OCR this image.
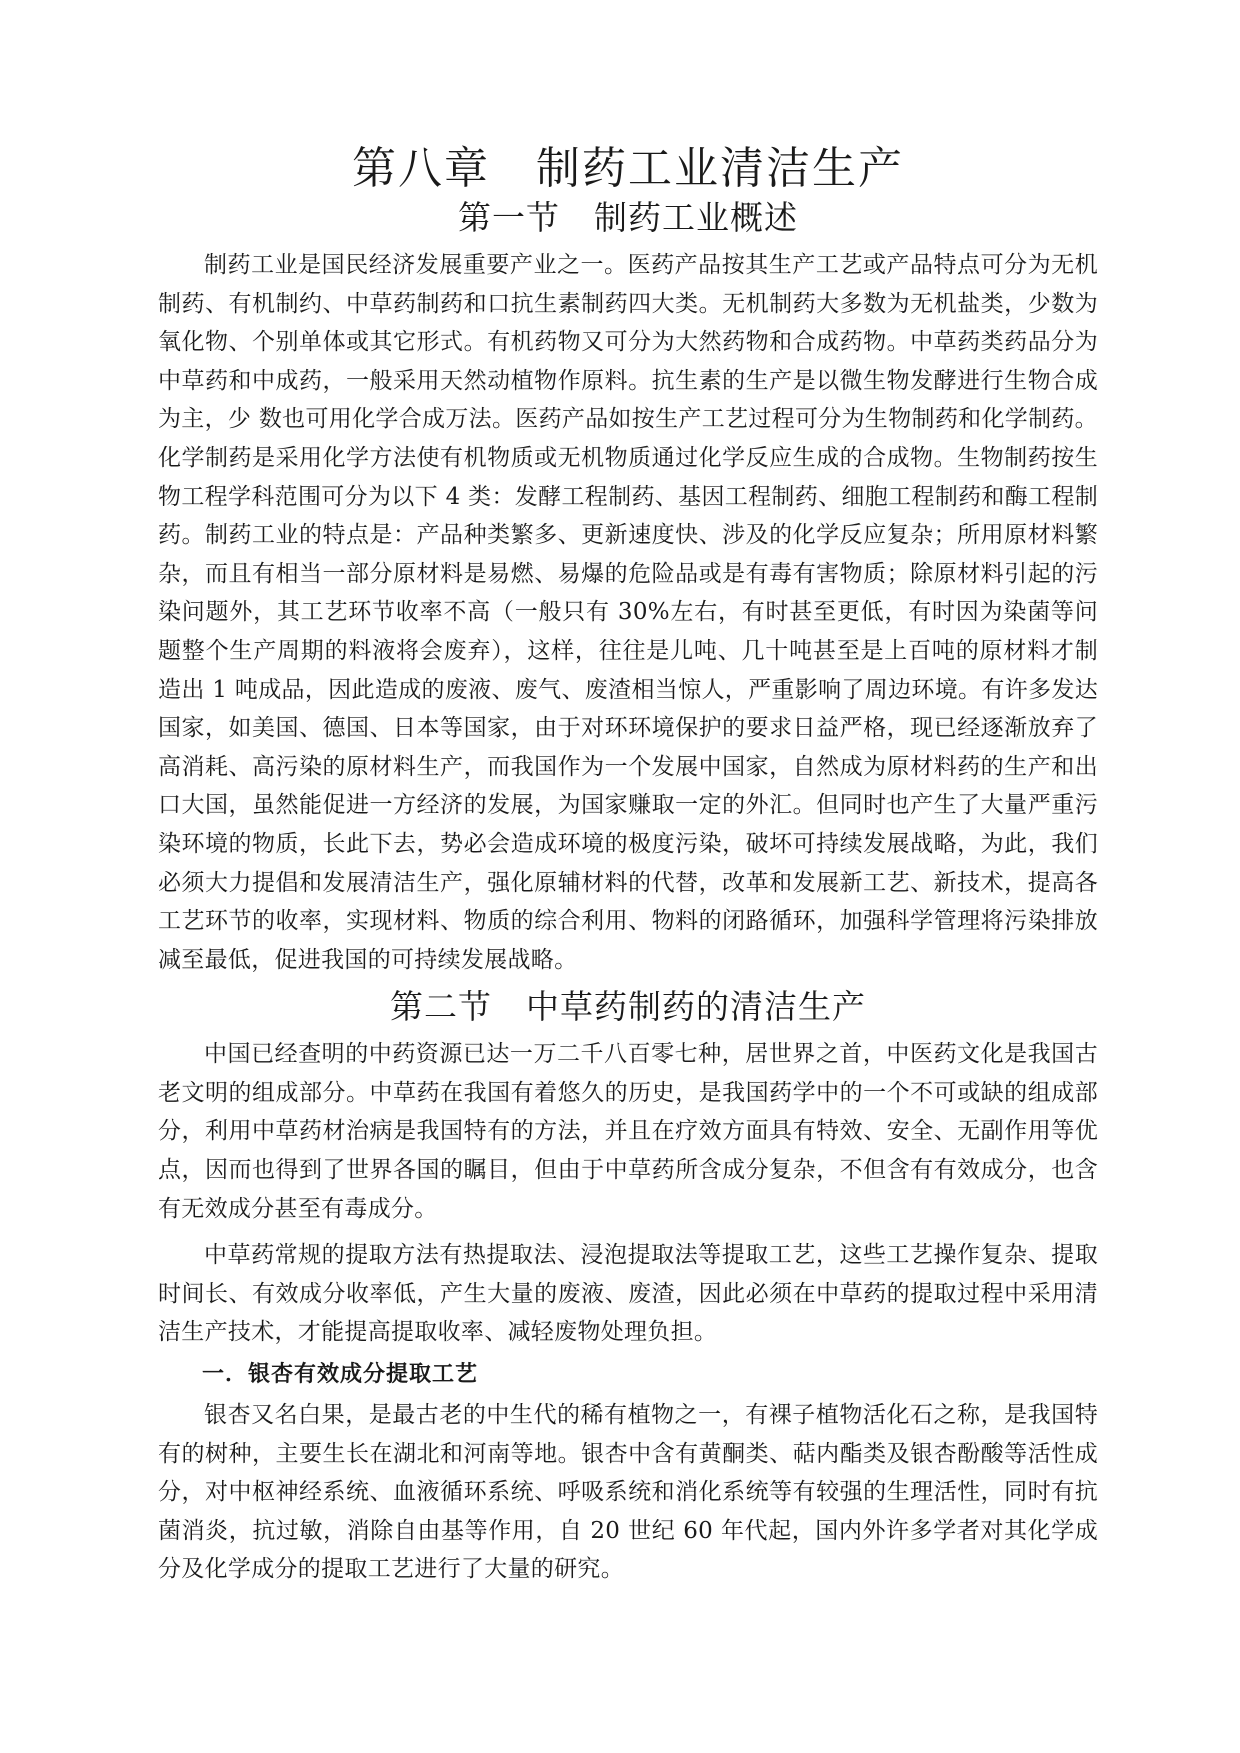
第八章　制药工业清洁生产
第一节　制药工业概述

制药工业是国民经济发展重要产业之一。医药产品按其生产工艺或产品特点可分为无机制药、有机制约、中草药制药和口抗生素制药四大类。无机制药大多数为无机盐类，少数为氧化物、个别单体或其它形式。有机药物又可分为大然药物和合成药物。中草药类药品分为中草药和中成药，一般采用天然动植物作原料。抗生素的生产是以微生物发酵进行生物合成为主，少 数也可用化学合成万法。医药产品如按生产工艺过程可分为生物制药和化学制药。化学制药是采用化学方法使有机物质或无机物质通过化学反应生成的合成物。生物制药按生物工程学科范围可分为以下 4 类：发酵工程制药、基因工程制药、细胞工程制药和酶工程制药。制药工业的特点是：产品种类繁多、更新速度快、涉及的化学反应复杂；所用原材料繁杂，而且有相当一部分原材料是易燃、易爆的危险品或是有毒有害物质；除原材料引起的污染问题外，其工艺环节收率不高（一般只有 30%左右，有时甚至更低，有时因为染菌等问题整个生产周期的料液将会废弃），这样，往往是儿吨、几十吨甚至是上百吨的原材料才制造出 1 吨成品，因此造成的废液、废气、废渣相当惊人，严重影响了周边环境。有许多发达国家，如美国、德国、日本等国家，由于对环环境保护的要求日益严格，现已经逐渐放弃了高消耗、高污染的原材料生产，而我国作为一个发展中国家，自然成为原材料药的生产和出口大国，虽然能促进一方经济的发展，为国家赚取一定的外汇。但同时也产生了大量严重污染环境的物质，长此下去，势必会造成环境的极度污染，破坏可持续发展战略，为此，我们必须大力提倡和发展清洁生产，强化原辅材料的代替，改革和发展新工艺、新技术，提高各工艺环节的收率，实现材料、物质的综合利用、物料的闭路循环，加强科学管理将污染排放减至最低，促进我国的可持续发展战略。

第二节　中草药制药的清洁生产

中国已经查明的中药资源已达一万二千八百零七种，居世界之首，中医药文化是我国古老文明的组成部分。中草药在我国有着悠久的历史，是我国药学中的一个不可或缺的组成部分，利用中草药材治病是我国特有的方法，并且在疗效方面具有特效、安全、无副作用等优点，因而也得到了世界各国的瞩目，但由于中草药所含成分复杂，不但含有有效成分，也含有无效成分甚至有毒成分。

中草药常规的提取方法有热提取法、浸泡提取法等提取工艺，这些工艺操作复杂、提取时间长、有效成分收率低，产生大量的废液、废渣，因此必须在中草药的提取过程中采用清洁生产技术，才能提高提取收率、减轻废物处理负担。

一．银杏有效成分提取工艺

银杏又名白果，是最古老的中生代的稀有植物之一，有裸子植物活化石之称，是我国特有的树种，主要生长在湖北和河南等地。银杏中含有黄酮类、萜内酯类及银杏酚酸等活性成分，对中枢神经系统、血液循环系统、呼吸系统和消化系统等有较强的生理活性，同时有抗菌消炎，抗过敏，消除自由基等作用，自 20 世纪 60 年代起，国内外许多学者对其化学成分及化学成分的提取工艺进行了大量的研究。
